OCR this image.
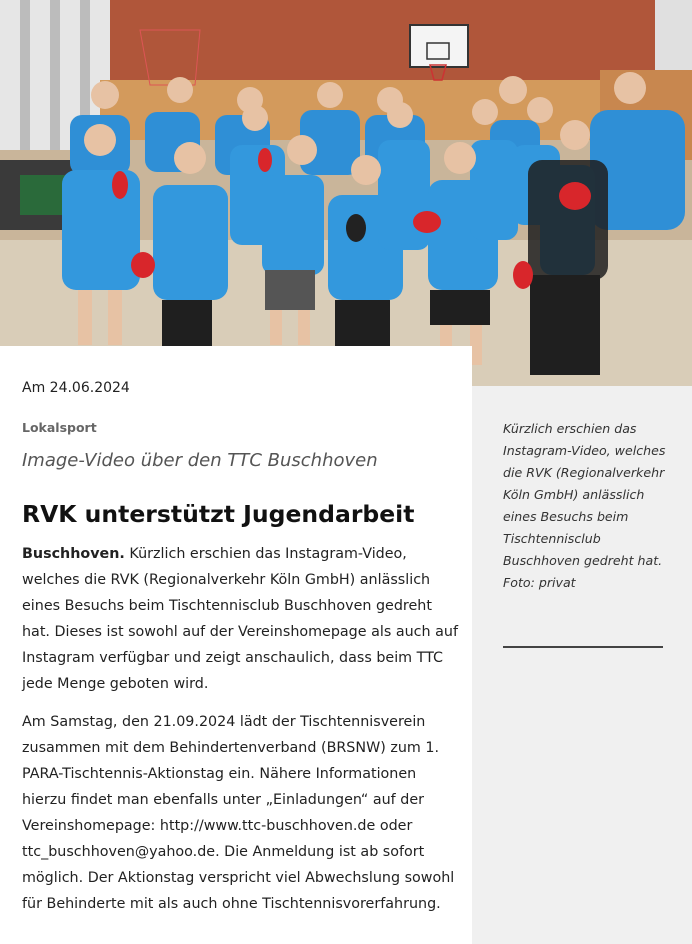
Am 24.06.2024
Lokalsport
Image-Video über den TTC Buschhoven
RVK unterstützt Jugendarbeit

Buschhoven. Kürzlich erschien das Instagram-Video, welches die RVK (Regionalverkehr Köln GmbH) anlässlich eines Besuchs beim Tischtennisclub Buschhoven gedreht hat. Dieses ist sowohl auf der Vereinshomepage als auch auf Instagram verfügbar und zeigt anschaulich, dass beim TTC jede Menge geboten wird.

Am Samstag, den 21.09.2024 lädt der Tischtennisverein zusammen mit dem Behindertenverband (BRSNW) zum 1. PARA-Tischtennis-Aktionstag ein. Nähere Informationen hierzu findet man ebenfalls unter „Einladungen“ auf der Vereinshomepage: http://www.ttc-buschhoven.de oder ttc_buschhoven@yahoo.de. Die Anmeldung ist ab sofort möglich. Der Aktionstag verspricht viel Abwechslung sowohl für Behinderte mit als auch ohne Tischtennisvorerfahrung.

Kürzlich erschien das Instagram-Video, welches die RVK (Regionalverkehr Köln GmbH) anlässlich eines Besuchs beim Tischtennisclub Buschhoven gedreht hat. Foto: privat
